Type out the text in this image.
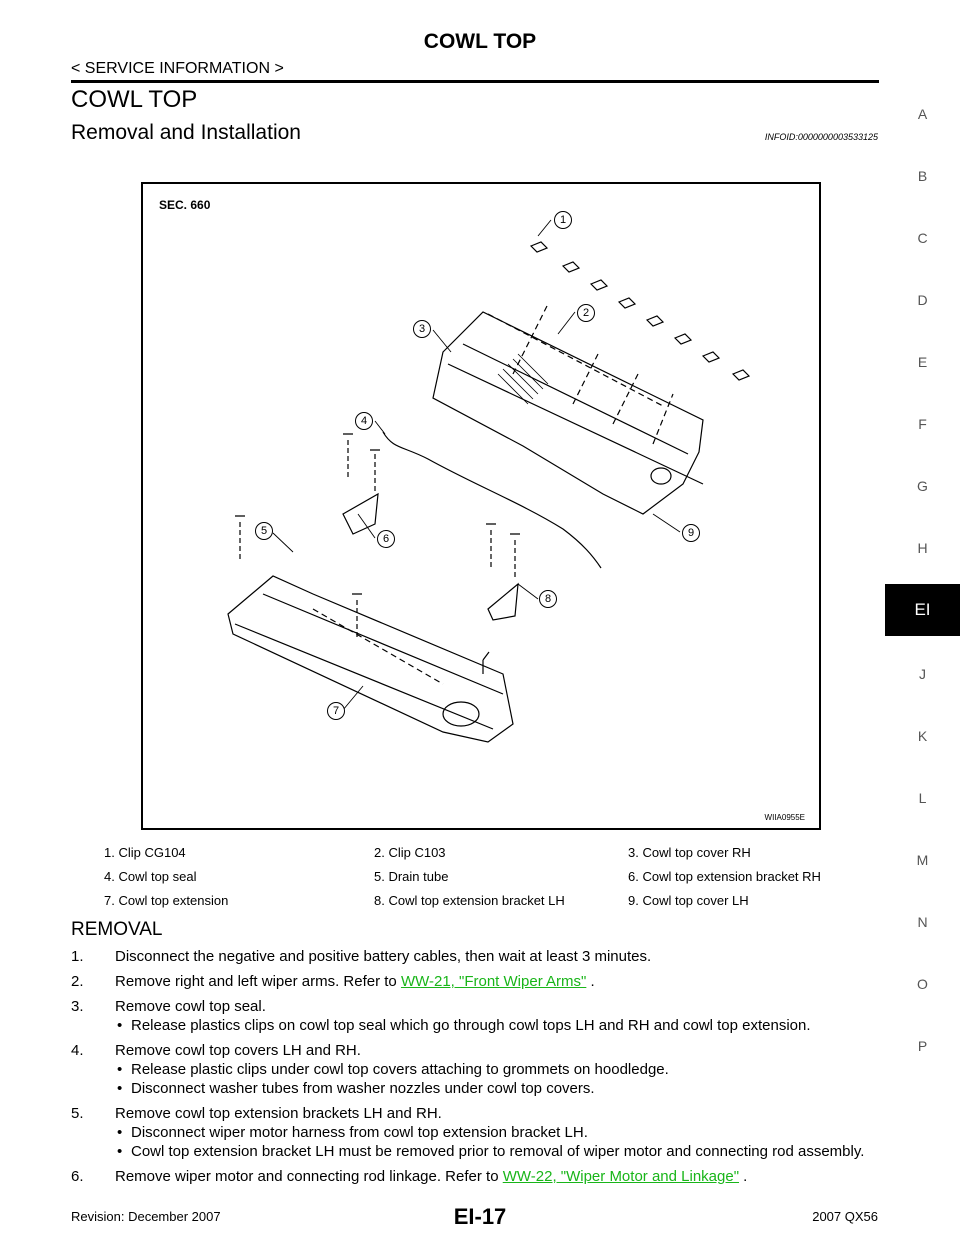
COWL TOP
< SERVICE INFORMATION >
COWL TOP
Removal and Installation	INFOID:0000000003533125
A
B
C
D
E
F
G
H
EI
J
K
L
M
N
O
P
SEC. 660
1
2
3
4
5
6
7
8
9
WIIA0955E
1. Clip CG104	2. Clip C103	3. Cowl top cover RH
4. Cowl top seal	5. Drain tube	6. Cowl top extension bracket RH
7. Cowl top extension	8. Cowl top extension bracket LH	9. Cowl top cover LH
REMOVAL
1. Disconnect the negative and positive battery cables, then wait at least 3 minutes.
2. Remove right and left wiper arms. Refer to WW-21, "Front Wiper Arms" .
3. Remove cowl top seal.
• Release plastics clips on cowl top seal which go through cowl tops LH and RH and cowl top extension.
4. Remove cowl top covers LH and RH.
• Release plastic clips under cowl top covers attaching to grommets on hoodledge.
• Disconnect washer tubes from washer nozzles under cowl top covers.
5. Remove cowl top extension brackets LH and RH.
• Disconnect wiper motor harness from cowl top extension bracket LH.
• Cowl top extension bracket LH must be removed prior to removal of wiper motor and connecting rod assembly.
6. Remove wiper motor and connecting rod linkage. Refer to WW-22, "Wiper Motor and Linkage" .
Revision: December 2007	EI-17	2007 QX56
